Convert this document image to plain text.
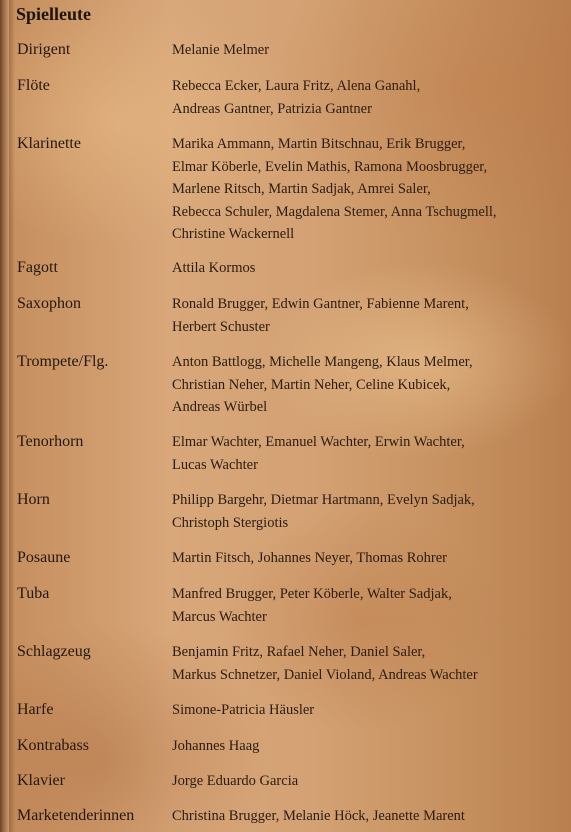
Spielleute
Dirigent	Melanie Melmer
Flöte	Rebecca Ecker, Laura Fritz, Alena Ganahl,
Andreas Gantner, Patrizia Gantner
Klarinette	Marika Ammann, Martin Bitschnau, Erik Brugger,
Elmar Köberle, Evelin Mathis, Ramona Moosbrugger,
Marlene Ritsch, Martin Sadjak, Amrei Saler,
Rebecca Schuler, Magdalena Stemer, Anna Tschugmell,
Christine Wackernell
Fagott	Attila Kormos
Saxophon	Ronald Brugger, Edwin Gantner, Fabienne Marent,
Herbert Schuster
Trompete/Flg.	Anton Battlogg, Michelle Mangeng, Klaus Melmer,
Christian Neher, Martin Neher, Celine Kubicek,
Andreas Würbel
Tenorhorn	Elmar Wachter, Emanuel Wachter, Erwin Wachter,
Lucas Wachter
Horn	Philipp Bargehr, Dietmar Hartmann, Evelyn Sadjak,
Christoph Stergiotis
Posaune	Martin Fitsch, Johannes Neyer, Thomas Rohrer
Tuba	Manfred Brugger, Peter Köberle, Walter Sadjak,
Marcus Wachter
Schlagzeug	Benjamin Fritz, Rafael Neher, Daniel Saler,
Markus Schnetzer, Daniel Violand, Andreas Wachter
Harfe	Simone-Patricia Häusler
Kontrabass	Johannes Haag
Klavier	Jorge Eduardo Garcia
Marketenderinnen	Christina Brugger, Melanie Höck, Jeanette Marent
